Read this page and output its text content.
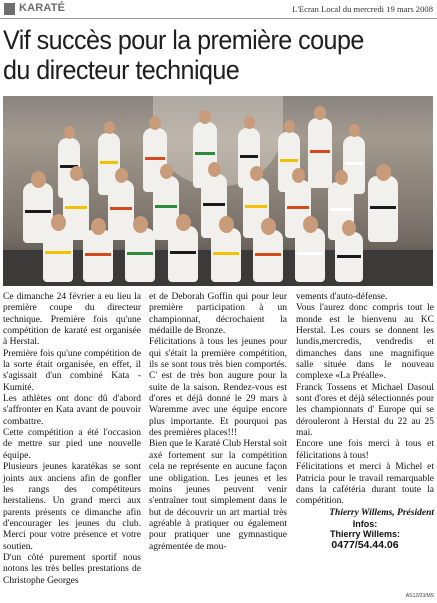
KARATÉ	L'Ecran Local du mercredi 19 mars 2008
Vif succès pour la première coupe
du directeur technique

Ce dimanche 24 février a eu lieu la première coupe du directeur technique. Première fois qu'une compétition de karaté est organisée à Herstal.

Première fois qu'une compétition de la sorte était organisée, en effet, il s'agissait d'un combiné Kata - Kumité.

Les athlètes ont donc dû d'abord s'affronter en Kata avant de pouvoir combattre.

Cette compétition a été l'occasion de mettre sur pied une nouvelle équipe.

Plusieurs jeunes karatékas se sont joints aux anciens afin de gonfler les rangs des compétiteurs herstaliens. Un grand merci aux parents présents ce dimanche afin d'encourager les jeunes du club. Merci pour votre présence et votre soutien.

D'un côté purement sportif nous notons les très belles prestations de Christophe Georges

et de Deborah Goffin qui pour leur première participation à un championnat, décrochaient la médaille de Bronze.

Félicitations à tous les jeunes pour qui s'était la première compétition, ils se sont tous très bien comportés. C' est de très bon augure pour la suite de la saison. Rendez-vous est d'ores et déjà donné le 29 mars à Waremme avec une équipe encore plus importante. Et pourquoi pas des premières places!!!

Bien que le Karaté Club Herstal soit axé fortement sur la compétition cela ne représente en aucune façon une obligation. Les jeunes et les moins jeunes peuvent venir s'entraîner tout simplement dans le but de découvrir un art martial très agréable à pratiquer ou également pour pratiquer une gymnastique agrémentée de mou-

vements d'auto-défense.

Vous l'aurez donc compris tout le monde est le bienvenu au KC Herstal. Les cours se donnent les lundis,mercredis, vendredis et dimanches dans une magnifique salle située dans le nouveau complexe «La Préalle».

Franck Tossens et Michael Dasoul sont d'ores et déjà sélectionnés pour les championnats d' Europe qui se dérouleront à Herstal du 22 au 25 mai.

Encore une fois merci à tous et félicitations à tous!

Félicitations et merci à Michel et Patricia pour le travail remarquable dans la cafétéria durant toute la compétition.

Thierry Willems, Président

Infos:
Thierry Willems:
0477/54.44.06

AS12/03/MS
